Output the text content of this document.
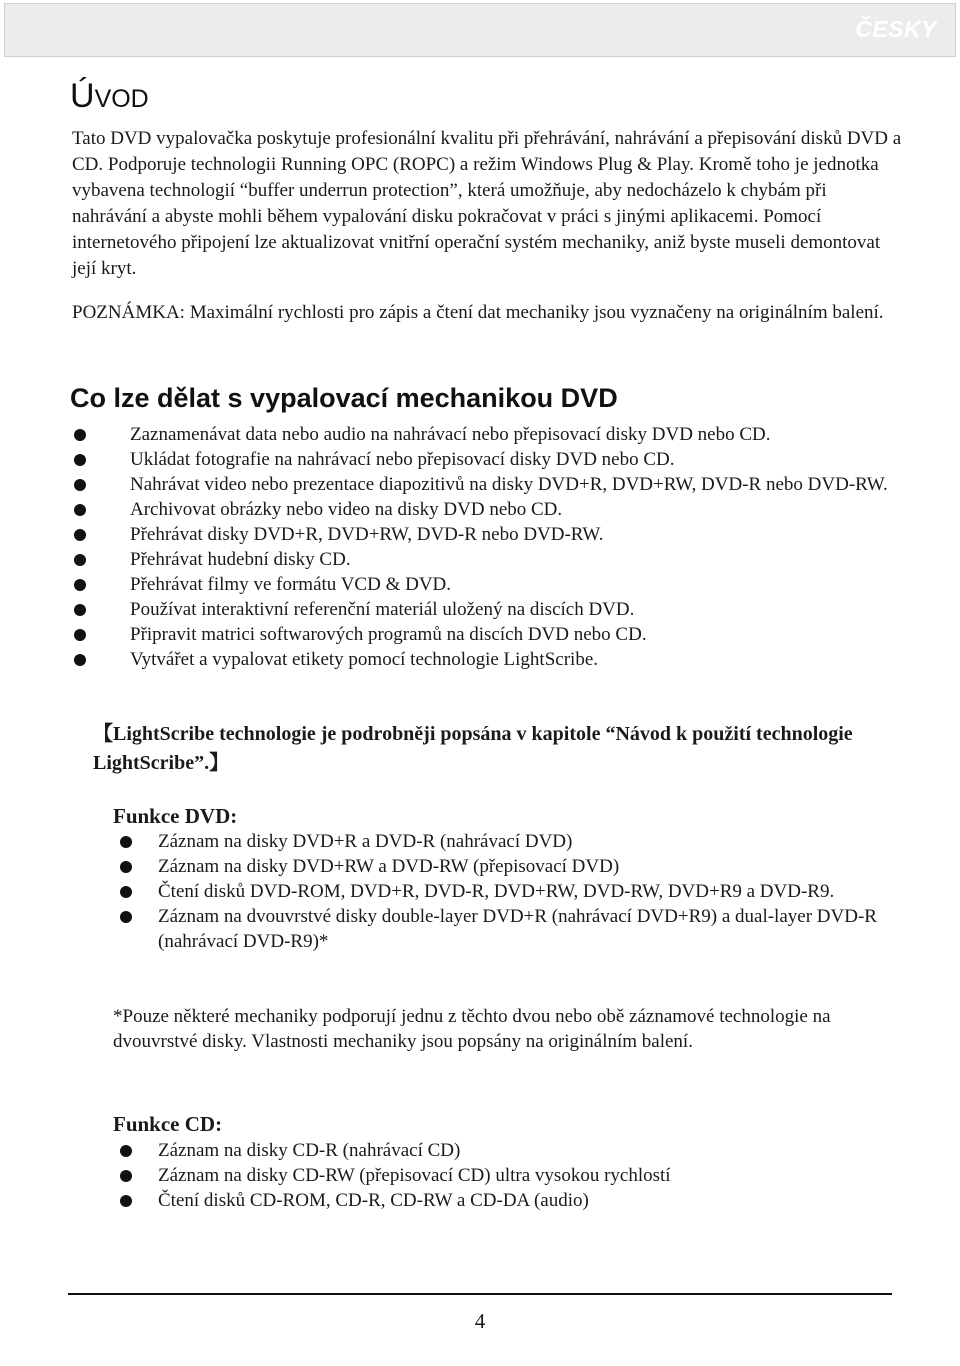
ČESKY
ÚVOD

Tato DVD vypalovačka poskytuje profesionální kvalitu při přehrávání, nahrávání a přepisování disků DVD a CD. Podporuje technologii Running OPC (ROPC) a režim Windows Plug & Play. Kromě toho je jednotka vybavena technologií “buffer underrun protection”, která umožňuje, aby nedocházelo k chybám při nahrávání a abyste mohli během vypalování disku pokračovat v práci s jinými aplikacemi. Pomocí internetového připojení lze aktualizovat vnitřní operační systém mechaniky, aniž byste museli demontovat její kryt.

POZNÁMKA: Maximální rychlosti pro zápis a čtení dat mechaniky jsou vyznačeny na originálním balení.

Co lze dělat s vypalovací mechanikou DVD
Zaznamenávat data nebo audio na nahrávací nebo přepisovací disky DVD nebo CD.
Ukládat fotografie na nahrávací nebo přepisovací disky DVD nebo CD.
Nahrávat video nebo prezentace diapozitivů na disky DVD+R, DVD+RW, DVD-R nebo DVD-RW.
Archivovat obrázky nebo video na disky DVD nebo CD.
Přehrávat disky DVD+R, DVD+RW, DVD-R nebo DVD-RW.
Přehrávat hudební disky CD.
Přehrávat filmy ve formátu VCD & DVD.
Používat interaktivní referenční materiál uložený na discích DVD.
Připravit matrici softwarových programů na discích DVD nebo CD.
Vytvářet a vypalovat etikety pomocí technologie LightScribe.

【LightScribe technologie je podrobněji popsána v kapitole “Návod k použití technologie LightScribe”.】

Funkce DVD:
Záznam na disky DVD+R a DVD-R (nahrávací DVD)
Záznam na disky DVD+RW a DVD-RW (přepisovací DVD)
Čtení disků DVD-ROM, DVD+R, DVD-R, DVD+RW, DVD-RW, DVD+R9 a DVD-R9.
Záznam na dvouvrstvé disky double-layer DVD+R (nahrávací DVD+R9) a dual-layer DVD-R (nahrávací DVD-R9)*

*Pouze některé mechaniky podporují jednu z těchto dvou nebo obě záznamové technologie na dvouvrstvé disky. Vlastnosti mechaniky jsou popsány na originálním balení.

Funkce CD:
Záznam na disky CD-R (nahrávací CD)
Záznam na disky CD-RW (přepisovací CD) ultra vysokou rychlostí
Čtení disků CD-ROM, CD-R, CD-RW a CD-DA (audio)
4
